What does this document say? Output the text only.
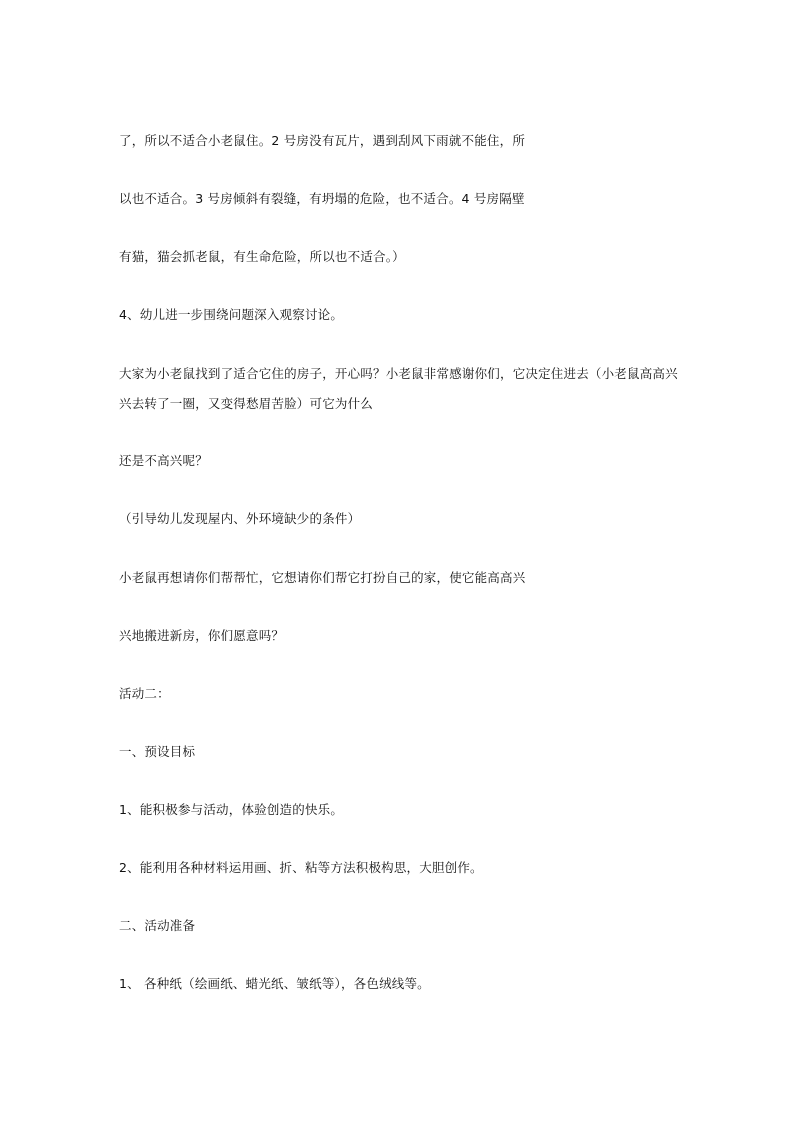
了，所以不适合小老鼠住。2 号房没有瓦片，遇到刮风下雨就不能住，所
以也不适合。3 号房倾斜有裂缝，有坍塌的危险，也不适合。4 号房隔壁
有猫，猫会抓老鼠，有生命危险，所以也不适合。）
4、幼儿进一步围绕问题深入观察讨论。
大家为小老鼠找到了适合它住的房子，开心吗？小老鼠非常感谢你们，它决定住进去（小老鼠高高兴兴去转了一圈，又变得愁眉苦脸）可它为什么
还是不高兴呢？
（引导幼儿发现屋内、外环境缺少的条件）
小老鼠再想请你们帮帮忙，它想请你们帮它打扮自己的家，使它能高高兴
兴地搬进新房，你们愿意吗？
活动二：
一、预设目标
1、能积极参与活动，体验创造的快乐。
2、能利用各种材料运用画、折、粘等方法积极构思，大胆创作。
二、活动准备
1、 各种纸（绘画纸、蜡光纸、皱纸等），各色绒线等。
